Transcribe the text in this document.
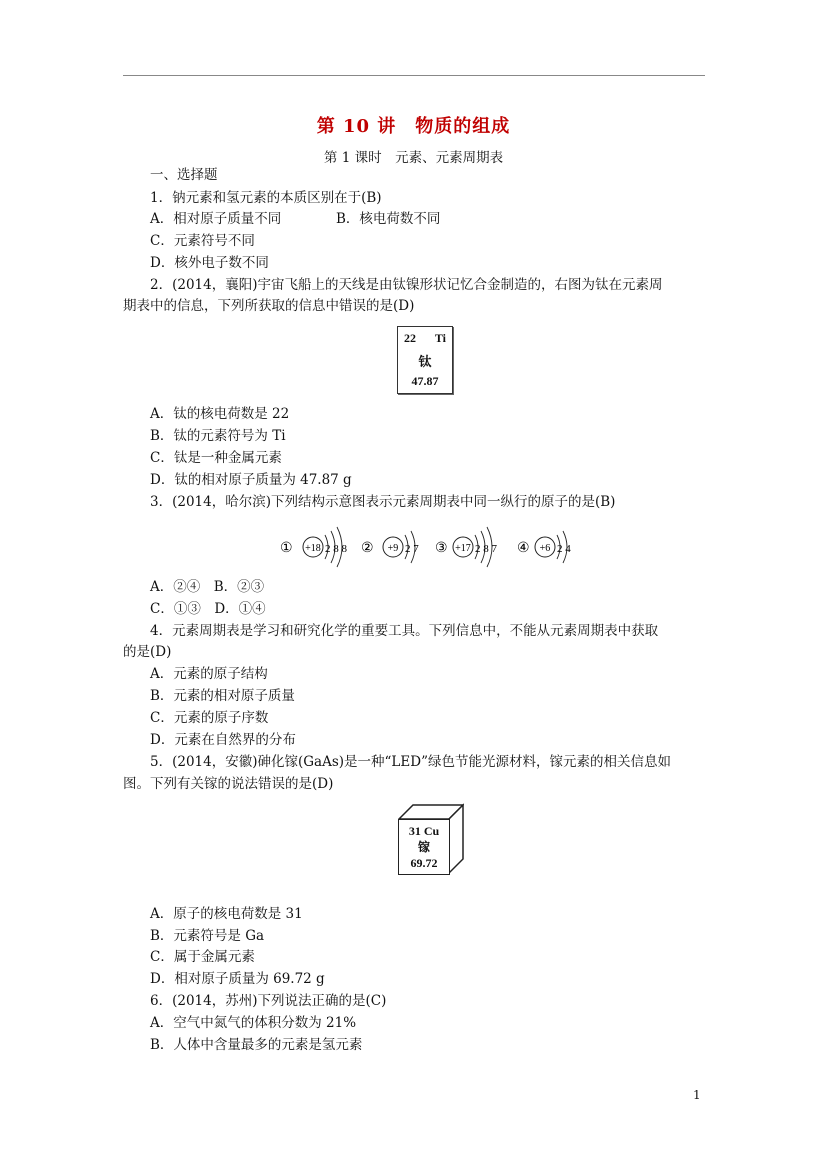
第 10 讲　物质的组成
第 1 课时　元素、元素周期表
一、选择题
1．钠元素和氢元素的本质区别在于(B)
A．相对原子质量不同	B．核电荷数不同
C．元素符号不同
D．核外电子数不同
2．(2014，襄阳)宇宙飞船上的天线是由钛镍形状记忆合金制造的，右图为钛在元素周
期表中的信息，下列所获取的信息中错误的是(D)
22 Ti
钛
47.87
A．钛的核电荷数是 22
B．钛的元素符号为 Ti
C．钛是一种金属元素
D．钛的相对原子质量为 47.87 g
3．(2014，哈尔滨)下列结构示意图表示元素周期表中同一纵行的原子的是(B)
① +18 2 8 8 ② +9 2 7 ③ +17 2 8 7 ④ +6 2 4
A．②④　B．②③
C．①③　D．①④
4．元素周期表是学习和研究化学的重要工具。下列信息中，不能从元素周期表中获取
的是(D)
A．元素的原子结构
B．元素的相对原子质量
C．元素的原子序数
D．元素在自然界的分布
5．(2014，安徽)砷化镓(GaAs)是一种“LED”绿色节能光源材料，镓元素的相关信息如
图。下列有关镓的说法错误的是(D)
31 Cu
镓
69.72
A．原子的核电荷数是 31
B．元素符号是 Ga
C．属于金属元素
D．相对原子质量为 69.72 g
6．(2014，苏州)下列说法正确的是(C)
A．空气中氮气的体积分数为 21%
B．人体中含量最多的元素是氢元素
1
